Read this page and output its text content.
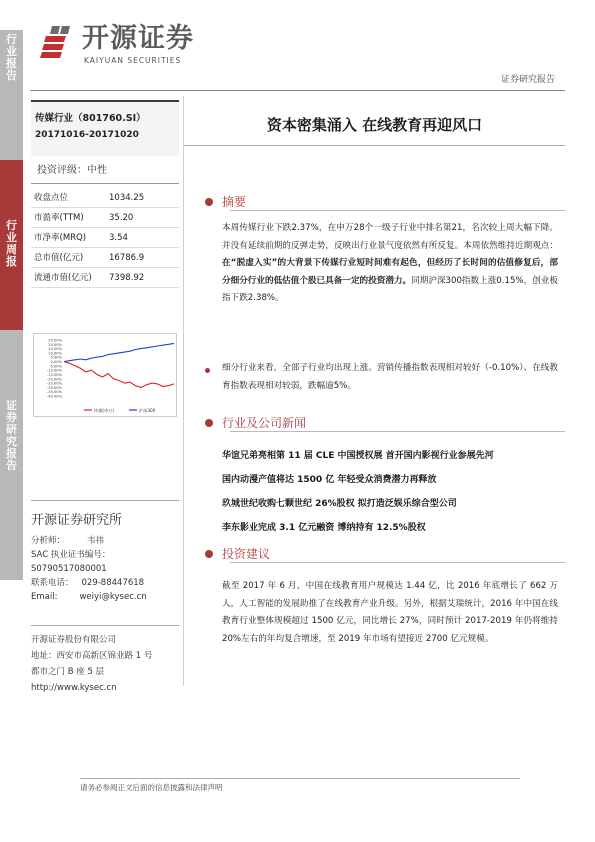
行业报告
行业周报
证券研究报告
开源证券
KAIYUAN SECURITIES
证券研究报告
传媒行业（801760.SI）
20171016-20171020
投资评级：中性
收盘点位	1034.25
市盈率(TTM)	35.20
市净率(MRQ)	3.54
总市值(亿元)	16786.9
流通市值(亿元)	7398.92
25.00%
20.00%
15.00%
10.00%
5.00%
0.00%
-5.00%
-10.00%
-15.00%
-20.00%
-25.00%
-30.00%
-35.00%
-40.00%
传媒(申万)	沪深300
开源证券研究所
分析师：	韦祎
SAC 执业证书编号：
S0790517080001
联系电话： 029-88447618
Email:	weiyi@kysec.cn
开源证券股份有限公司
地址：西安市高新区锦业路 1 号
都市之门 B 座 5 层
http://www.kysec.cn
资本密集涌入 在线教育再迎风口
摘要
本周传媒行业下跌2.37%，在申万28个一级子行业中排名第21，名次较上周大幅下降。并没有延续前期的反弹走势，反映出行业景气度依然有所反复。本周依然维持近期观点：在“脱虚入实”的大背景下传媒行业短时间难有起色，但经历了长时间的估值修复后，部分细分行业的低估值个股已具备一定的投资潜力。同期沪深300指数上涨0.15%，创业板指下跌2.38%。
细分行业来看，全部子行业均出现上涨。营销传播指数表现相对较好（-0.10%）、在线教育指数表现相对较弱，跌幅逾5%。
行业及公司新闻
华谊兄弟亮相第 11 届 CLE 中国授权展 首开国内影视行业参展先河
国内动漫产值将达 1500 亿 年轻受众消费潜力再释放
玖城世纪收购七颗世纪 26%股权 拟打造泛娱乐综合型公司
李东影业完成 3.1 亿元融资 博纳持有 12.5%股权
投资建议
截至 2017 年 6 月，中国在线教育用户规模达 1.44 亿，比 2016 年底增长了 662 万人，人工智能的发展助推了在线教育产业升级。另外，根据艾瑞统计，2016 年中国在线教育行业整体规模超过 1500 亿元，同比增长 27%，同时预计 2017-2019 年仍将维持 20%左右的年均复合增速，至 2019 年市场有望接近 2700 亿元规模。
请务必参阅正文后面的信息披露和法律声明
